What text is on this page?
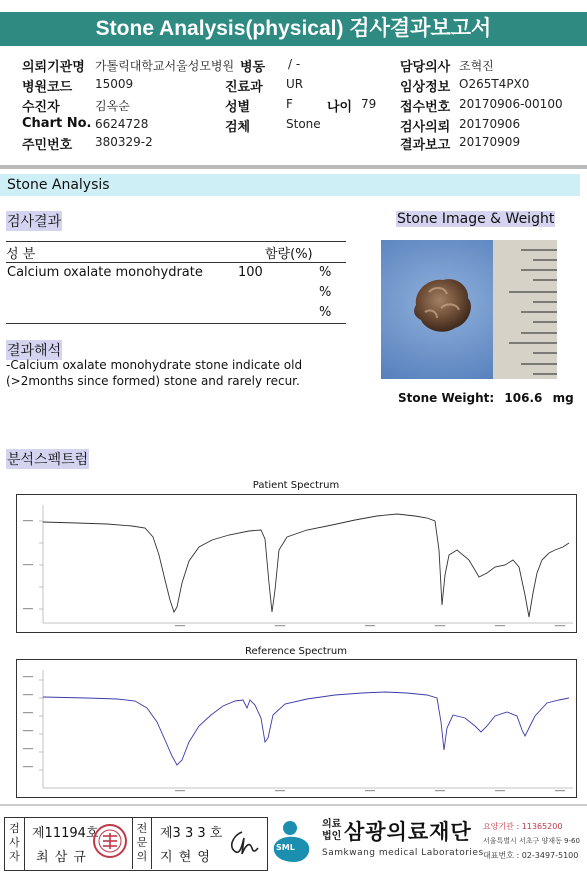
Stone Analysis(physical) 검사결과보고서
의뢰기관명 가톨릭대학교서울성모병원
병원코드 15009
수진자	김옥순
Chart No. 6624728
주민번호 380329-2
병동 / -
진료과 UR
성별	F	나이 79
검체	Stone
담당의사 조혁진
임상정보 O265T4PX0
접수번호 20170906-00100
검사의뢰 20170906
결과보고 20170909
Stone Analysis
검사결과
성 분	함량(%)
Calcium oxalate monohydrate	100	%
%
%
결과해석
-Calcium oxalate monohydrate stone indicate old
(>2months since formed) stone and rarely recur.
Stone Image & Weight
Stone Weight: 106.6 mg
분석스펙트럼
Patient Spectrum
Reference Spectrum
검사자
제11194호
최 삼 규
전문의
제3 3 3 호
지 현 영
SML
의료
법인 삼광의료재단
Samkwang medical Laboratories
요양기관 : 11365200
서울특별시 서초구 양재동 9-60
대표번호 : 02-3497-5100
